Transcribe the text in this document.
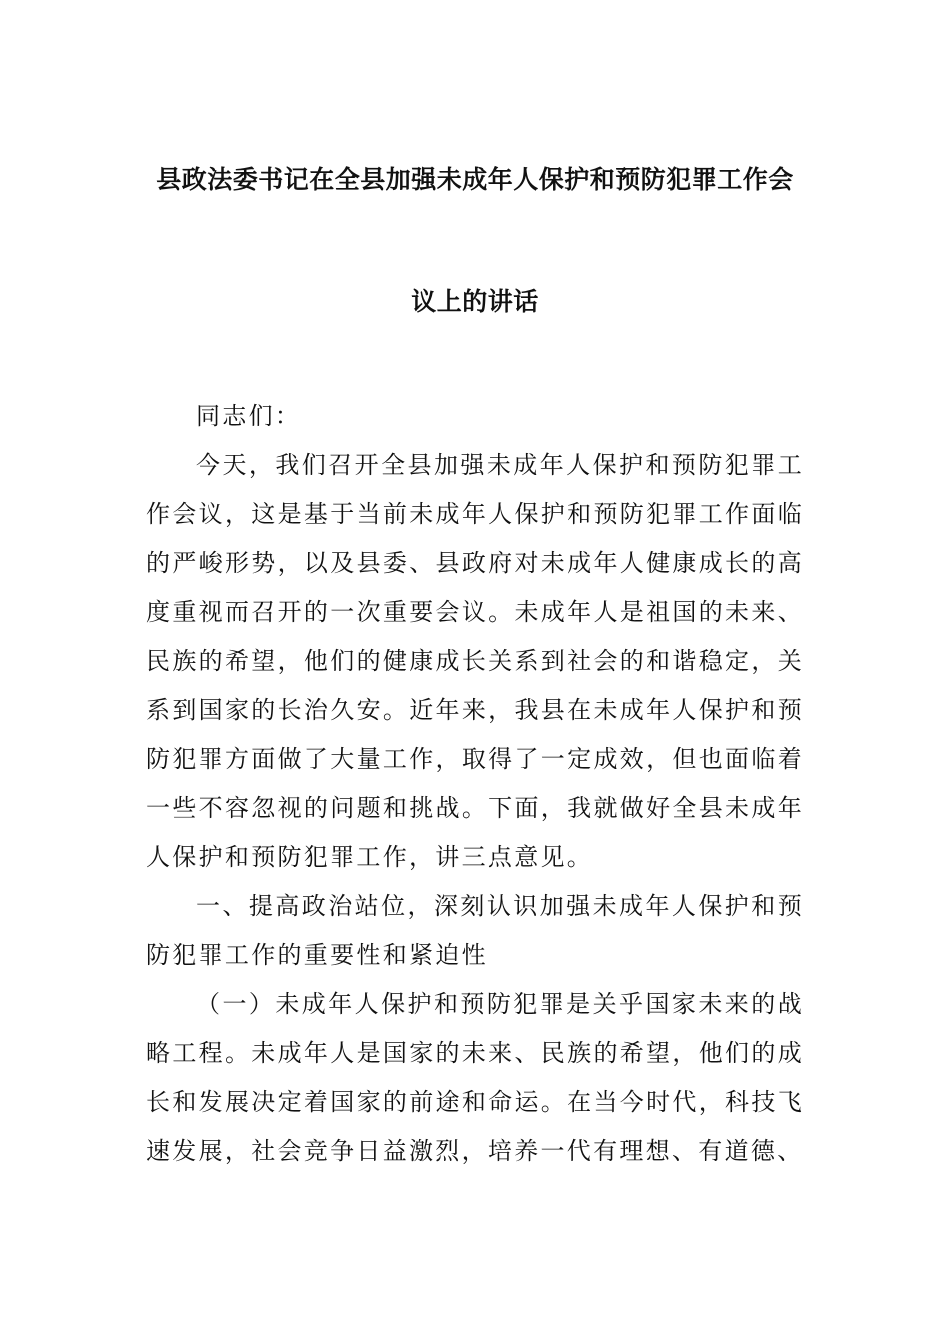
县政法委书记在全县加强未成年人保护和预防犯罪工作会
议上的讲话

同志们：

今天，我们召开全县加强未成年人保护和预防犯罪工作会议，这是基于当前未成年人保护和预防犯罪工作面临的严峻形势，以及县委、县政府对未成年人健康成长的高度重视而召开的一次重要会议。未成年人是祖国的未来、民族的希望，他们的健康成长关系到社会的和谐稳定，关系到国家的长治久安。近年来，我县在未成年人保护和预防犯罪方面做了大量工作，取得了一定成效，但也面临着一些不容忽视的问题和挑战。下面，我就做好全县未成年人保护和预防犯罪工作，讲三点意见。

一、提高政治站位，深刻认识加强未成年人保护和预防犯罪工作的重要性和紧迫性

（一）未成年人保护和预防犯罪是关乎国家未来的战略工程。未成年人是国家的未来、民族的希望，他们的成长和发展决定着国家的前途和命运。在当今时代，科技飞速发展，社会竞争日益激烈，培养一代有理想、有道德、
